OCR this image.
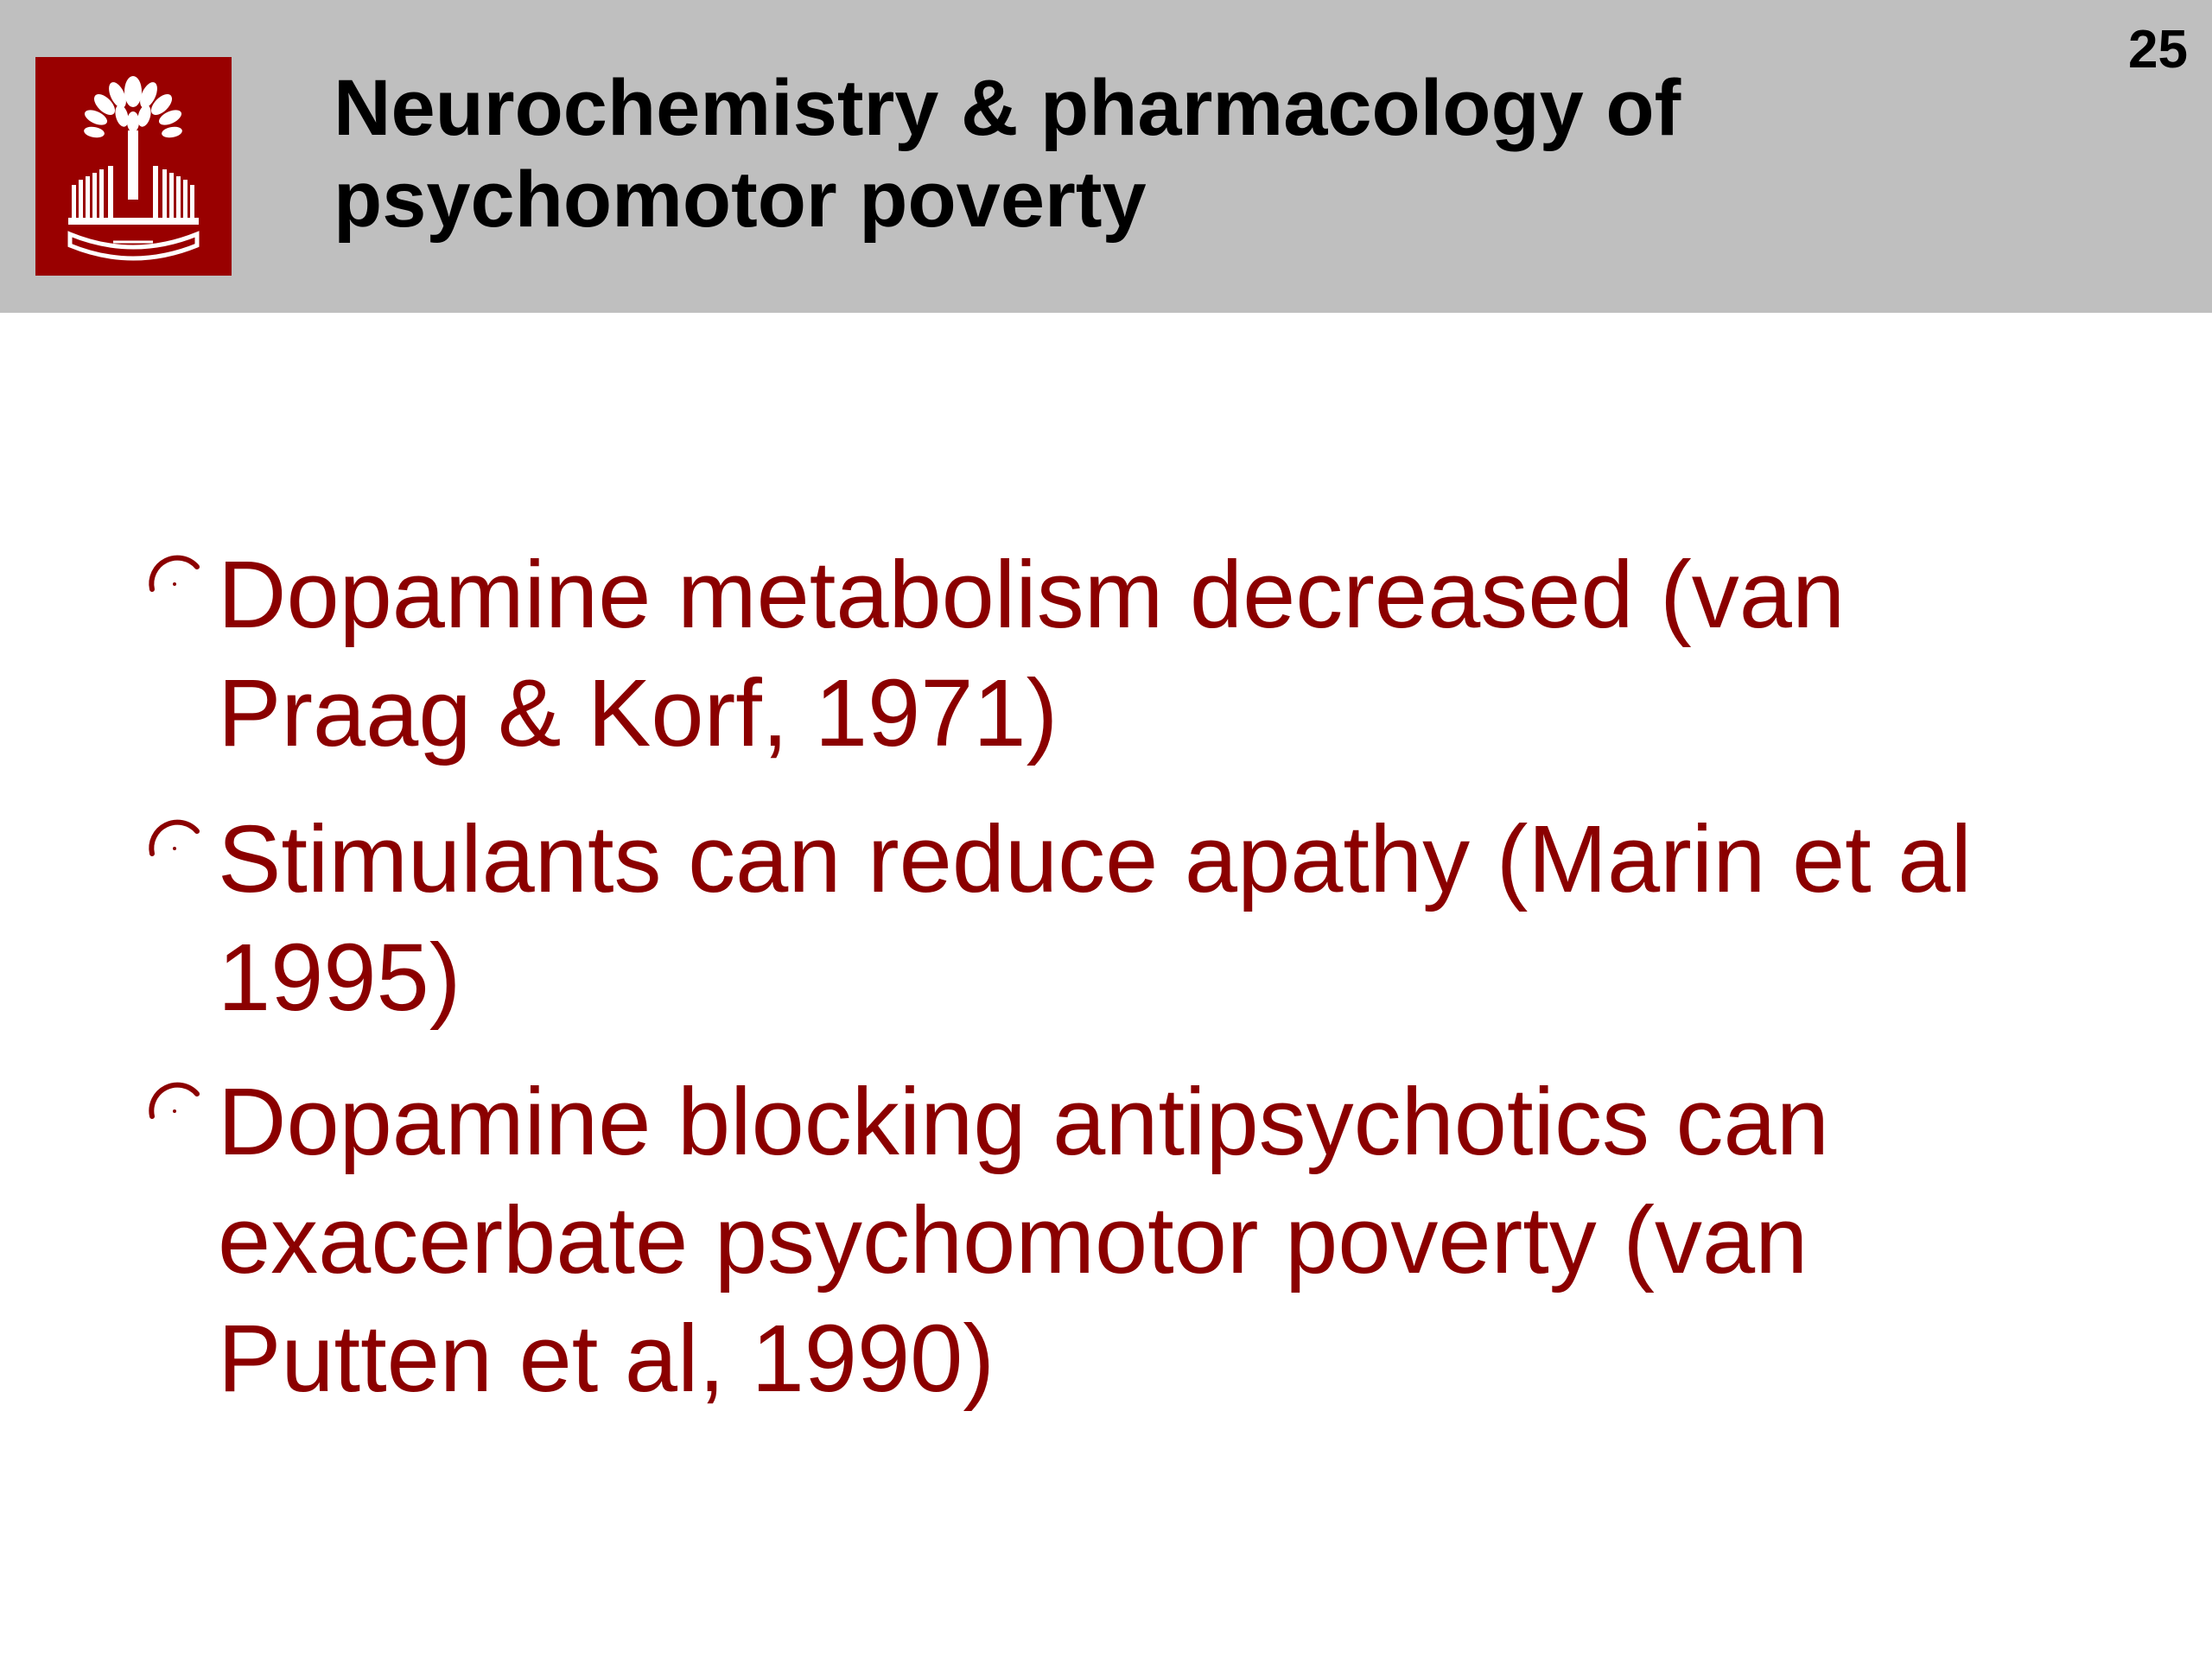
Neurochemistry & pharmacology of psychomotor poverty
25
Dopamine metabolism decreased (van Praag & Korf, 1971)
Stimulants can reduce apathy (Marin et al 1995)
Dopamine blocking antipsychotics can exacerbate psychomotor poverty (van Putten et al, 1990)
